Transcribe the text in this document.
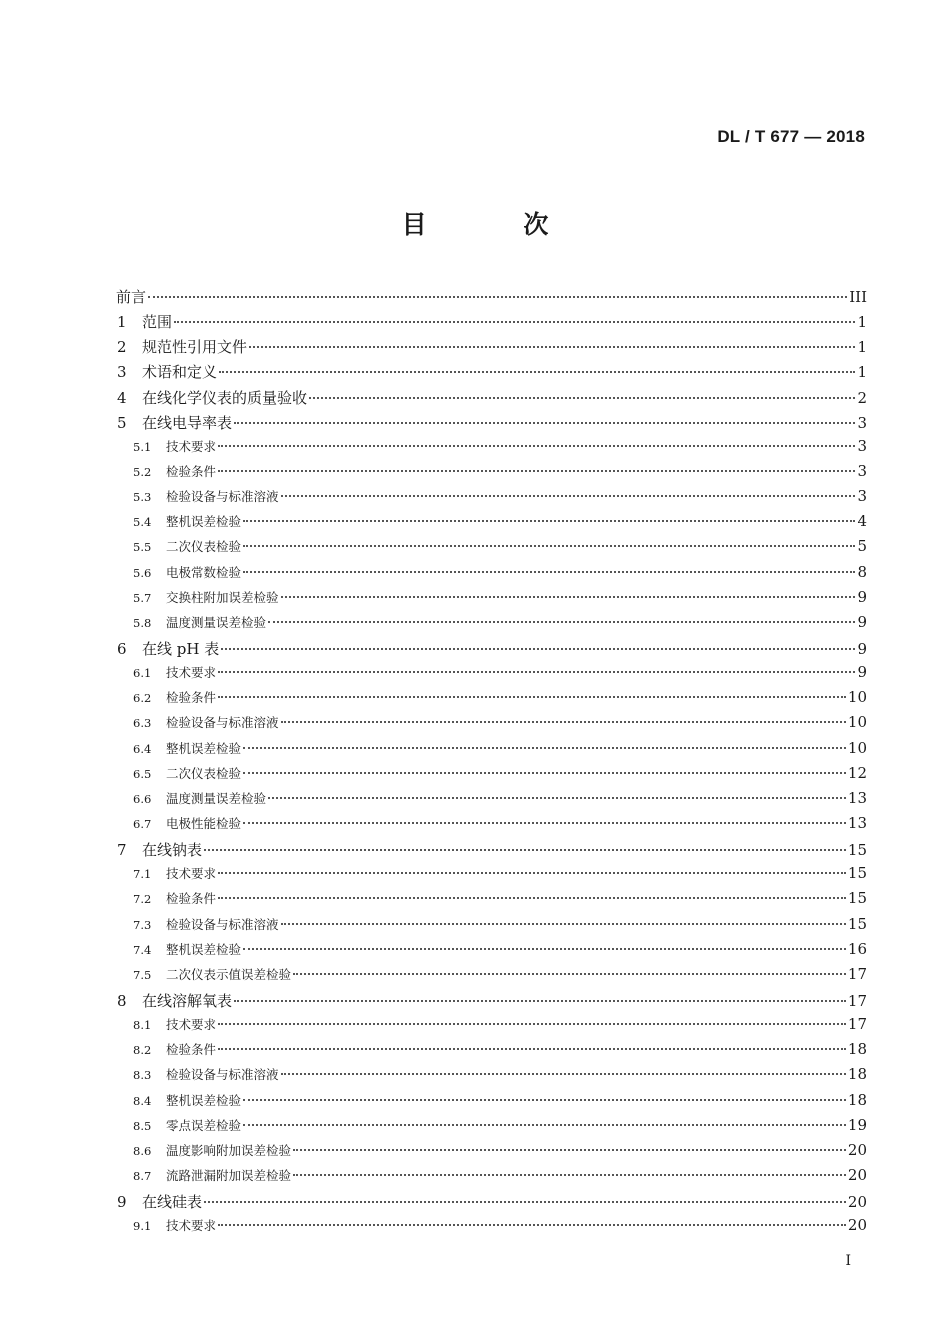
DL / T 677 — 2018
目 次
前言	III
1	范围	1
2	规范性引用文件	1
3	术语和定义	1
4	在线化学仪表的质量验收	2
5	在线电导率表	3
5.1	技术要求	3
5.2	检验条件	3
5.3	检验设备与标准溶液	3
5.4	整机误差检验	4
5.5	二次仪表检验	5
5.6	电极常数检验	8
5.7	交换柱附加误差检验	9
5.8	温度测量误差检验	9
6	在线 pH 表	9
6.1	技术要求	9
6.2	检验条件	10
6.3	检验设备与标准溶液	10
6.4	整机误差检验	10
6.5	二次仪表检验	12
6.6	温度测量误差检验	13
6.7	电极性能检验	13
7	在线钠表	15
7.1	技术要求	15
7.2	检验条件	15
7.3	检验设备与标准溶液	15
7.4	整机误差检验	16
7.5	二次仪表示值误差检验	17
8	在线溶解氧表	17
8.1	技术要求	17
8.2	检验条件	18
8.3	检验设备与标准溶液	18
8.4	整机误差检验	18
8.5	零点误差检验	19
8.6	温度影响附加误差检验	20
8.7	流路泄漏附加误差检验	20
9	在线硅表	20
9.1	技术要求	20
I
